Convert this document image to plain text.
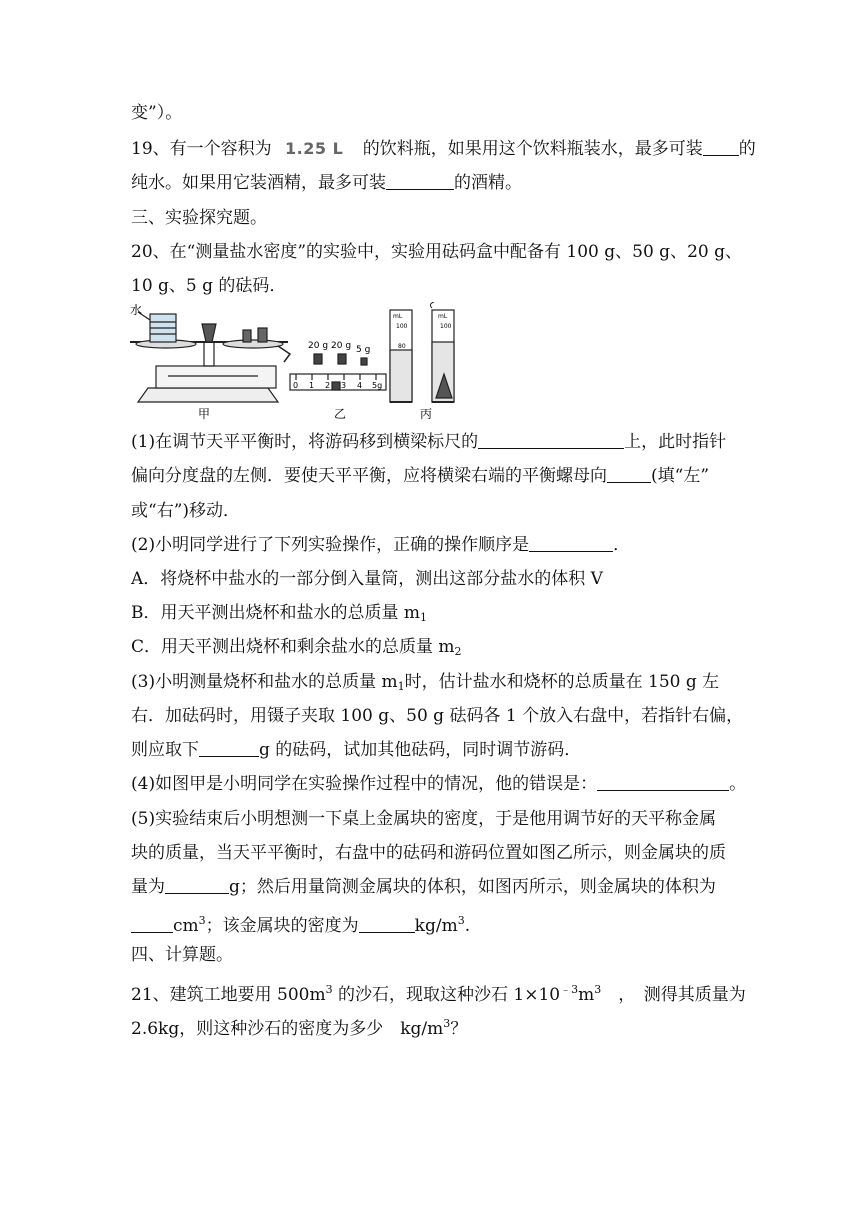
变”）。
19、有一个容积为 1.25 L 的饮料瓶，如果用这个饮料瓶装水，最多可装 的
纯水。如果用它装酒精，最多可装	的酒精。
三、实验探究题。
20、在“测量盐水密度”的实验中，实验用砝码盒中配备有 100 g、50 g、20 g、
10 g、5 g 的砝码．
水
甲	乙	丙
20 g 20 g 5 g
0 1 2 3 4 5g
mL
100
80
mL
100
(1)在调节天平平衡时，将游码移到横梁标尺的	上，此时指针
偏向分度盘的左侧．要使天平平衡，应将横梁右端的平衡螺母向	(填“左”
或“右”)移动．
(2)小明同学进行了下列实验操作，正确的操作顺序是	．
A．将烧杯中盐水的一部分倒入量筒，测出这部分盐水的体积 V
B．用天平测出烧杯和盐水的总质量 $m_1$
C．用天平测出烧杯和剩余盐水的总质量 $m_2$
(3)小明测量烧杯和盐水的总质量 $m_1$时，估计盐水和烧杯的总质量在 150 g 左
右．加砝码时，用镊子夹取 100 g、50 g 砝码各 1 个放入右盘中，若指针右偏，
则应取下	g 的砝码，试加其他砝码，同时调节游码．
(4)如图甲是小明同学在实验操作过程中的情况，他的错误是：	。
(5)实验结束后小明想测一下桌上金属块的密度，于是他用调节好的天平称金属
块的质量，当天平平衡时，右盘中的砝码和游码位置如图乙所示，则金属块的质
量为	g；然后用量筒测金属块的体积，如图丙所示，则金属块的体积为
$cm^3$；该金属块的密度为	$kg/m^3$.
四、计算题。
21、建筑工地要用 $500m^3$ 的沙石，现取这种沙石 $1\times 10^{﹣3}m^3$　，　测得其质量为
2.6kg，则这种沙石的密度为多少　$kg/m^3$？
